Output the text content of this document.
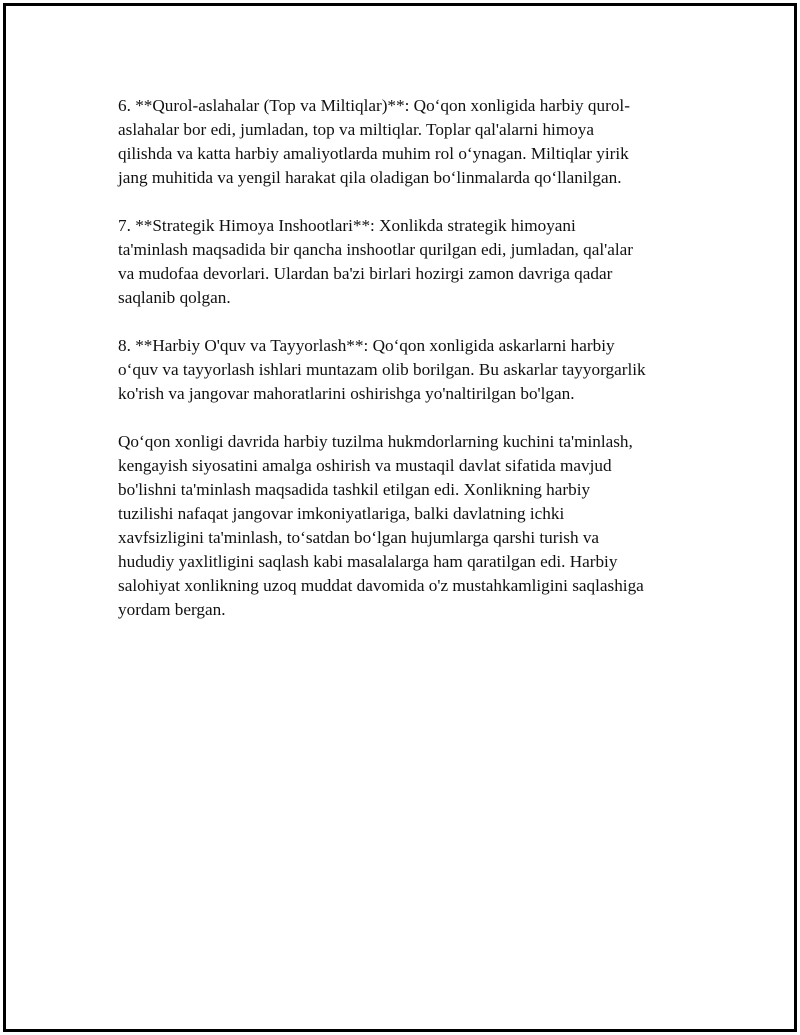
6. **Qurol-aslahalar (Top va Miltiqlar)**: Qo‘qon xonligida harbiy qurol-
aslahalar bor edi, jumladan, top va miltiqlar. Toplar qal'alarni himoya
qilishda va katta harbiy amaliyotlarda muhim rol o‘ynagan. Miltiqlar yirik
jang muhitida va yengil harakat qila oladigan bo‘linmalarda qo‘llanilgan.

7. **Strategik Himoya Inshootlari**: Xonlikda strategik himoyani
ta'minlash maqsadida bir qancha inshootlar qurilgan edi, jumladan, qal'alar
va mudofaa devorlari. Ulardan ba'zi birlari hozirgi zamon davriga qadar
saqlanib qolgan.

8. **Harbiy O'quv va Tayyorlash**: Qo‘qon xonligida askarlarni harbiy
o‘quv va tayyorlash ishlari muntazam olib borilgan. Bu askarlar tayyorgarlik
ko'rish va jangovar mahoratlarini oshirishga yo'naltirilgan bo'lgan.

Qo‘qon xonligi davrida harbiy tuzilma hukmdorlarning kuchini ta'minlash,
kengayish siyosatini amalga oshirish va mustaqil davlat sifatida mavjud
bo'lishni ta'minlash maqsadida tashkil etilgan edi. Xonlikning harbiy
tuzilishi nafaqat jangovar imkoniyatlariga, balki davlatning ichki
xavfsizligini ta'minlash, to‘satdan bo‘lgan hujumlarga qarshi turish va
hududiy yaxlitligini saqlash kabi masalalarga ham qaratilgan edi. Harbiy
salohiyat xonlikning uzoq muddat davomida o'z mustahkamligini saqlashiga
yordam bergan.
